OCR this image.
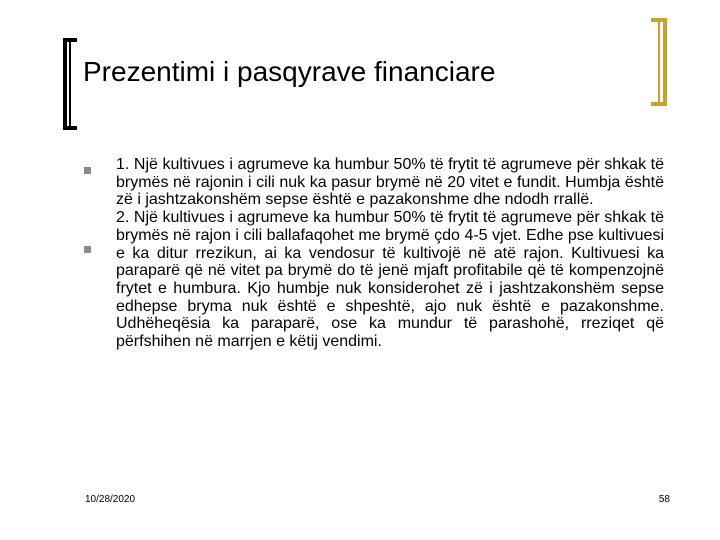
Prezentimi i pasqyrave financiare

1. Një kultivues i agrumeve ka humbur 50% të frytit të agrumeve për shkak të brymës në rajonin i cili nuk ka pasur brymë në 20 vitet e fundit. Humbja është zë i jashtzakonshëm sepse është e pazakonshme dhe ndodh rrallë.

2. Një kultivues i agrumeve ka humbur 50% të frytit të agrumeve për shkak të brymës në rajon i cili ballafaqohet me brymë çdo 4-5 vjet. Edhe pse kultivuesi e ka ditur rrezikun, ai ka vendosur të kultivojë në atë rajon. Kultivuesi ka paraparë që në vitet pa brymë do të jenë mjaft profitabile që të kompenzojnë frytet e humbura. Kjo humbje nuk konsiderohet zë i jashtzakonshëm sepse edhepse bryma nuk është e shpeshtë, ajo nuk është e pazakonshme. Udhëheqësia ka paraparë, ose ka mundur të parashohë, rreziqet që përfshihen në marrjen e këtij vendimi.

10/28/2020	58
